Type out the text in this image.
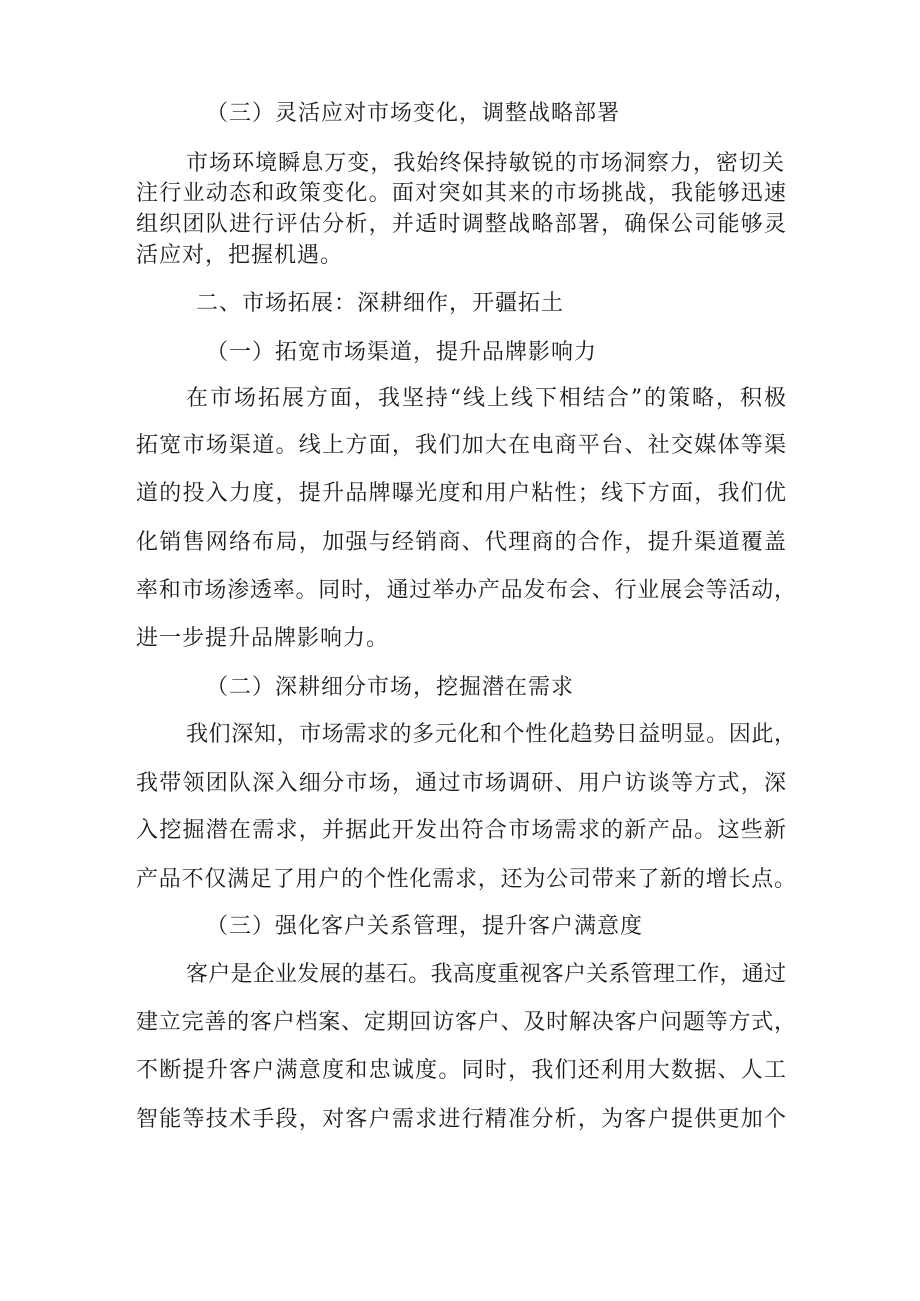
（三）灵活应对市场变化，调整战略部署
市场环境瞬息万变，我始终保持敏锐的市场洞察力，密切关
注行业动态和政策变化。面对突如其来的市场挑战，我能够迅速
组织团队进行评估分析，并适时调整战略部署，确保公司能够灵
活应对，把握机遇。
二、市场拓展：深耕细作，开疆拓土
（一）拓宽市场渠道，提升品牌影响力
在市场拓展方面，我坚持“线上线下相结合”的策略，积极
拓宽市场渠道。线上方面，我们加大在电商平台、社交媒体等渠
道的投入力度，提升品牌曝光度和用户粘性；线下方面，我们优
化销售网络布局，加强与经销商、代理商的合作，提升渠道覆盖
率和市场渗透率。同时，通过举办产品发布会、行业展会等活动，
进一步提升品牌影响力。
（二）深耕细分市场，挖掘潜在需求
我们深知，市场需求的多元化和个性化趋势日益明显。因此，
我带领团队深入细分市场，通过市场调研、用户访谈等方式，深
入挖掘潜在需求，并据此开发出符合市场需求的新产品。这些新
产品不仅满足了用户的个性化需求，还为公司带来了新的增长点。
（三）强化客户关系管理，提升客户满意度
客户是企业发展的基石。我高度重视客户关系管理工作，通过
建立完善的客户档案、定期回访客户、及时解决客户问题等方式，
不断提升客户满意度和忠诚度。同时，我们还利用大数据、人工
智能等技术手段，对客户需求进行精准分析，为客户提供更加个
